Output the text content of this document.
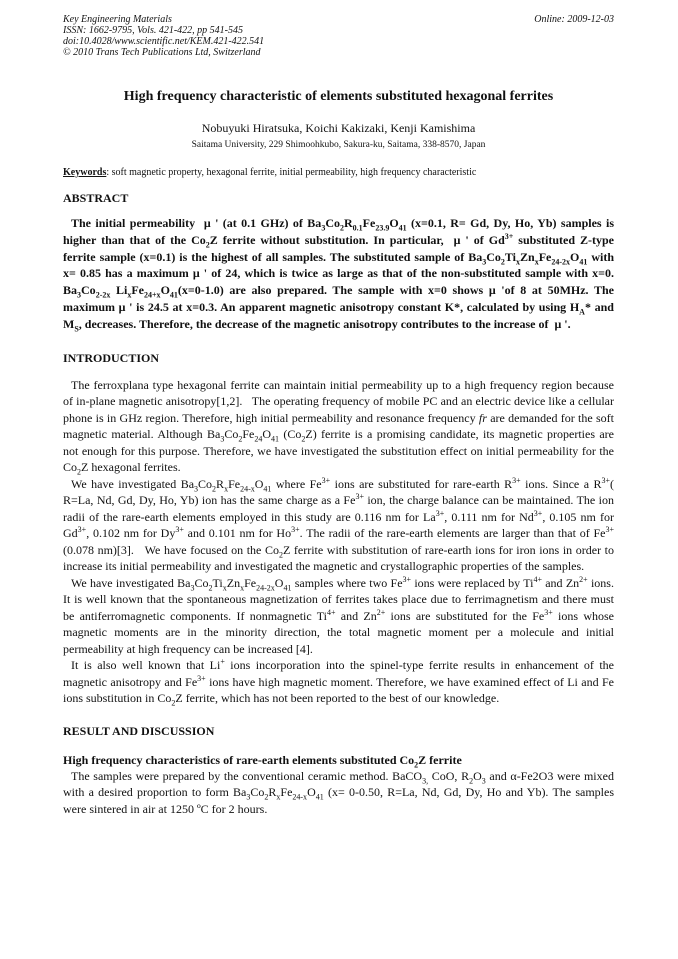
Key Engineering Materials
ISSN: 1662-9795, Vols. 421-422, pp 541-545
doi:10.4028/www.scientific.net/KEM.421-422.541
© 2010 Trans Tech Publications Ltd, Switzerland
Online: 2009-12-03
High frequency characteristic of elements substituted hexagonal ferrites
Nobuyuki Hiratsuka, Koichi Kakizaki, Kenji Kamishima
Saitama University, 229 Shimoohkubo, Sakura-ku, Saitama, 338-8570, Japan
Keywords: soft magnetic property, hexagonal ferrite, initial permeability, high frequency characteristic
ABSTRACT
The initial permeability  μ ' (at 0.1 GHz) of $Ba_3Co_2R_{0.1}Fe_{23.9}O_{41}$ (x=0.1, R= Gd, Dy, Ho, Yb) samples is higher than that of the $Co_2Z$ ferrite without substitution. In particular,  μ ' of $Gd^{3+}$ substituted Z-type ferrite sample (x=0.1) is the highest of all samples. The substituted sample of $Ba_3Co_2Ti_xZn_xFe_{24-2x}O_{41}$ with x= 0.85 has a maximum μ ' of 24, which is twice as large as that of the non-substituted sample with x=0. $Ba_3Co_{2-2x}$ $Li_xFe_{24+x}O_{41}(x=0-1.0)$ are also prepared. The sample with x=0 shows μ 'of 8 at 50MHz. The maximum μ ' is 24.5 at x=0.3. An apparent magnetic anisotropy constant K*, calculated by using $H_A*$ and $M_S$, decreases. Therefore, the decrease of the magnetic anisotropy contributes to the increase of  μ '.
INTRODUCTION

The ferroxplana type hexagonal ferrite can maintain initial permeability up to a high frequency region because of in-plane magnetic anisotropy[1,2].   The operating frequency of mobile PC and an electric device like a cellular phone is in GHz region. Therefore, high initial permeability and resonance frequency fr are demanded for the soft magnetic material. Although $Ba_3Co_2Fe_{24}O_{41}$ $(Co_2Z)$ ferrite is a promising candidate, its magnetic properties are not enough for this purpose. Therefore, we have investigated the substitution effect on initial permeability for the $Co_2Z$ hexagonal ferrites.

We have investigated $Ba_3Co_2R_xFe_{24-x}O_{41}$ where $Fe^{3+}$ ions are substituted for rare-earth $R^{3+}$ ions. Since a $R^{3+}$( R=La, Nd, Gd, Dy, Ho, Yb) ion has the same charge as a $Fe^{3+}$ ion, the charge balance can be maintained. The ion radii of the rare-earth elements employed in this study are 0.116 nm for $La^{3+}$, 0.111 nm for $Nd^{3+}$, 0.105 nm for $Gd^{3+}$, 0.102 nm for $Dy^{3+}$ and 0.101 nm for $Ho^{3+}$. The radii of the rare-earth elements are larger than that of $Fe^{3+}$ (0.078 nm)[3].   We have focused on the $Co_2Z$ ferrite with substitution of rare-earth ions for iron ions in order to increase its initial permeability and investigated the magnetic and crystallographic properties of the samples.

We have investigated $Ba_3Co_2Ti_xZn_xFe_{24-2x}O_{41}$ samples where two $Fe^{3+}$ ions were replaced by $Ti^{4+}$ and $Zn^{2+}$ ions. It is well known that the spontaneous magnetization of ferrites takes place due to ferrimagnetism and there must be antiferromagnetic components. If nonmagnetic $Ti^{4+}$ and $Zn^{2+}$ ions are substituted for the $Fe^{3+}$ ions whose magnetic moments are in the minority direction, the total magnetic moment per a molecule and initial permeability at high frequency can be increased [4].

It is also well known that Li+ ions incorporation into the spinel-type ferrite results in enhancement of the magnetic anisotropy and $Fe^{3+}$ ions have high magnetic moment. Therefore, we have examined effect of Li and Fe ions substitution in $Co_2Z$ ferrite, which has not been reported to the best of our knowledge.

RESULT AND DISCUSSION
High frequency characteristics of rare-earth elements substituted $Co_2Z$ ferrite

The samples were prepared by the conventional ceramic method. BaCO$_{3,}$ CoO, $R_2O_3$ and α-Fe2O3 were mixed with a desired proportion to form $Ba_3Co_2R_xFe_{24-x}O_{41}$ (x= 0-0.50, R=La, Nd, Gd, Dy, Ho and Yb). The samples were sintered in air at 1250 ºC for 2 hours.
